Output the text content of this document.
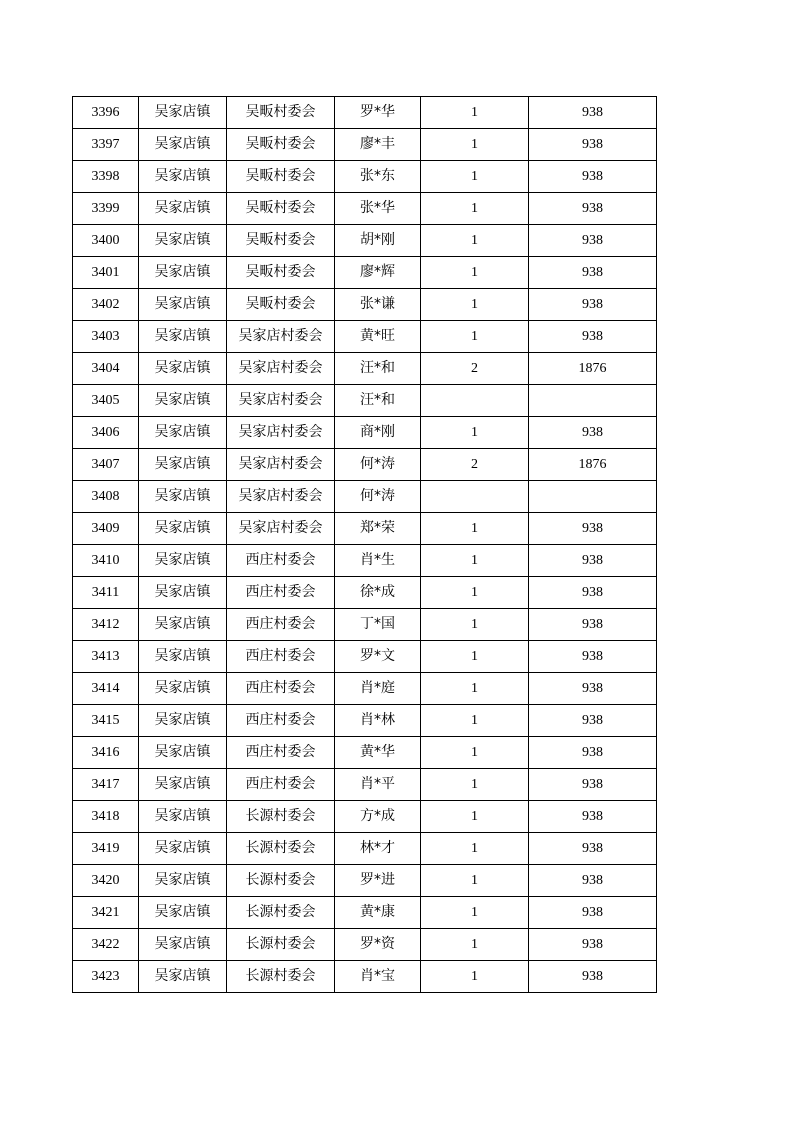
3396	吴家店镇	吴畈村委会	罗*华	1	938
3397	吴家店镇	吴畈村委会	廖*丰	1	938
3398	吴家店镇	吴畈村委会	张*东	1	938
3399	吴家店镇	吴畈村委会	张*华	1	938
3400	吴家店镇	吴畈村委会	胡*刚	1	938
3401	吴家店镇	吴畈村委会	廖*辉	1	938
3402	吴家店镇	吴畈村委会	张*谦	1	938
3403	吴家店镇	吴家店村委会	黄*旺	1	938
3404	吴家店镇	吴家店村委会	汪*和	2	1876
3405	吴家店镇	吴家店村委会	汪*和		
3406	吴家店镇	吴家店村委会	商*刚	1	938
3407	吴家店镇	吴家店村委会	何*涛	2	1876
3408	吴家店镇	吴家店村委会	何*涛		
3409	吴家店镇	吴家店村委会	郑*荣	1	938
3410	吴家店镇	西庄村委会	肖*生	1	938
3411	吴家店镇	西庄村委会	徐*成	1	938
3412	吴家店镇	西庄村委会	丁*国	1	938
3413	吴家店镇	西庄村委会	罗*文	1	938
3414	吴家店镇	西庄村委会	肖*庭	1	938
3415	吴家店镇	西庄村委会	肖*林	1	938
3416	吴家店镇	西庄村委会	黄*华	1	938
3417	吴家店镇	西庄村委会	肖*平	1	938
3418	吴家店镇	长源村委会	方*成	1	938
3419	吴家店镇	长源村委会	林*才	1	938
3420	吴家店镇	长源村委会	罗*进	1	938
3421	吴家店镇	长源村委会	黄*康	1	938
3422	吴家店镇	长源村委会	罗*资	1	938
3423	吴家店镇	长源村委会	肖*宝	1	938
